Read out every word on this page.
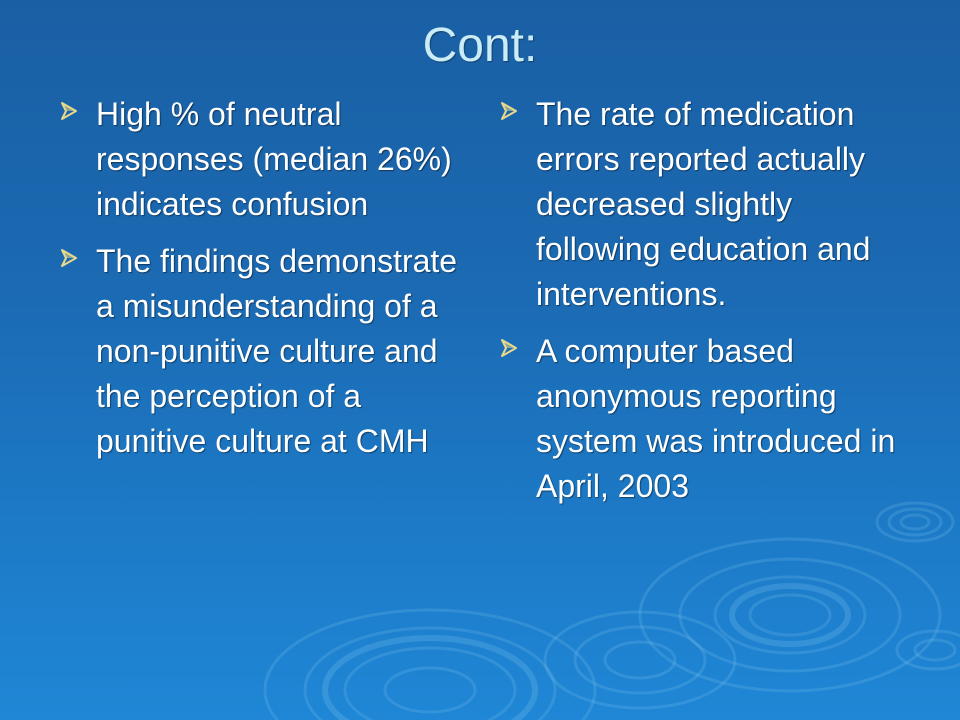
Cont:
High % of neutral responses (median 26%) indicates confusion
The findings demonstrate a misunderstanding of a non-punitive culture and the perception of a punitive culture at CMH
The rate of medication errors reported actually decreased slightly following education and interventions.
A computer based anonymous reporting system was introduced in April, 2003
